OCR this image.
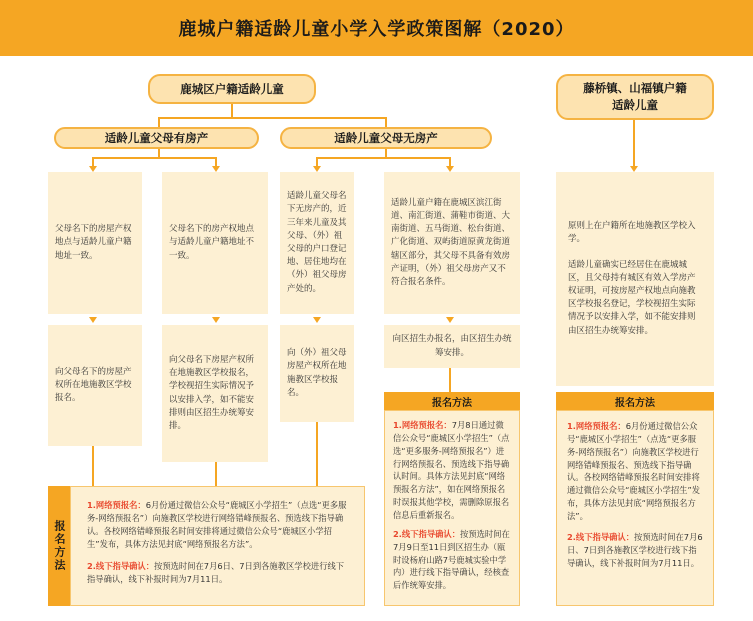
鹿城户籍适龄儿童小学入学政策图解（2020）
鹿城区户籍适龄儿童
适龄儿童父母有房产	适龄儿童父母无房产
藤桥镇、山福镇户籍适龄儿童
父母名下的房屋产权地点与适龄儿童户籍地址一致。
父母名下的房产权地点与适龄儿童户籍地址不一致。
适龄儿童父母名下无房产的，近三年来儿童及其父母、（外）祖父母的户口登记地、居住地均在（外）祖父母房产处的。
适龄儿童户籍在鹿城区滨江街道、南汇街道、蒲鞋市街道、大南街道、五马街道、松台街道、广化街道、双屿街道原黄龙街道辖区部分，其父母不具备有效房产证明，（外）祖父母房产又不符合报名条件。
原则上在户籍所在地施教区学校入学。
适龄儿童确实已经居住在鹿城城区，且父母持有城区有效入学房产权证明，可按房屋产权地点向施教区学校报名登记，学校视招生实际情况予以安排入学，如不能安排则由区招生办统筹安排。
向父母名下的房屋产权所在地施教区学校报名。
向父母名下房屋产权所在地施教区学校报名，学校视招生实际情况予以安排入学，如不能安排则由区招生办统筹安排。
向（外）祖父母房屋产权所在地施教区学校报名。
向区招生办报名，由区招生办统筹安排。
报名方法

1.网络预报名：6月份通过微信公众号“鹿城区小学招生”（点选“更多服务-网络预报名”）向施教区学校进行网络错峰预报名、预选线下指导确认。各校网络错峰预报名时间安排将通过微信公众号“鹿城区小学招生”发布，具体方法见封底“网络预报名方法”。

2.线下指导确认：按预选时间在7月6日、7日到各施教区学校进行线下指导确认，线下补报时间为7月11日。

报名方法

1.网络预报名：7月8日通过微信公众号“鹿城区小学招生”（点选“更多服务-网络预报名”）进行网络预报名、预选线下指导确认时间。具体方法见封底“网络预报名方法”，如在网络预报名时误报其他学校，需删除原报名信息后重新报名。

2.线下指导确认：按预选时间在7月9日至11日到区招生办（瓯时设杨府山路7号鹿城实验中学内）进行线下指导确认，经核查后作统筹安排。

报名方法

1.网络预报名：6月份通过微信公众号“鹿城区小学招生”（点选“更多服务-网络预报名”）向施教区学校进行网络错峰预报名、预选线下指导确认。各校网络错峰预报名时间安排将通过微信公众号“鹿城区小学招生”发布，具体方法见封底“网络预报名方法”。

2.线下指导确认：按预选时间在7月6日、7日到各施教区学校进行线下指导确认，线下补报时间为7月11日。
